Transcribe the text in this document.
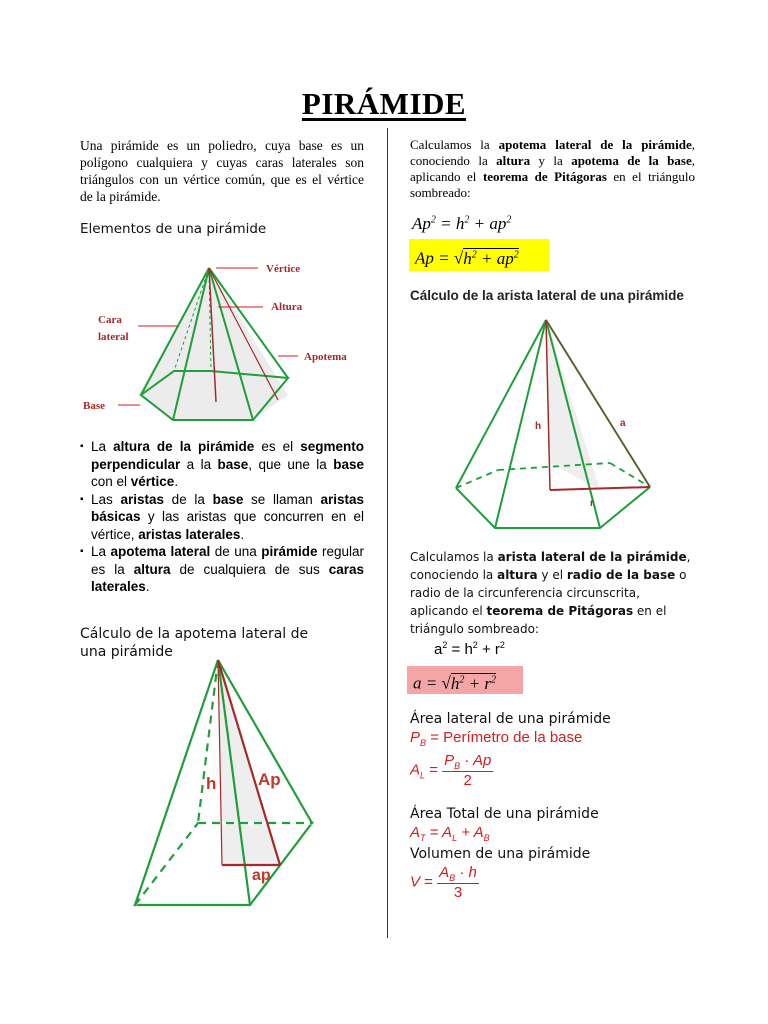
PIRÁMIDE
Una pirámide es un poliedro, cuya base es un polígono cualquiera y cuyas caras laterales son triángulos con un vértice común, que es el vértice de la pirámide.
Elementos de una pirámide
Vértice
Altura
Cara
lateral
Apotema
Base
▪ La altura de la pirámide es el segmento perpendicular a la base, que une la base con el vértice.
▪ Las aristas de la base se llaman aristas básicas y las aristas que concurren en el vértice, aristas laterales.
▪ La apotema lateral de una pirámide regular es la altura de cualquiera de sus caras laterales.
Cálculo de la apotema lateral de
una pirámide
h Ap
ap
Calculamos la apotema lateral de la pirámide, conociendo la altura y la apotema de la base, aplicando el teorema de Pitágoras en el triángulo sombreado:
$Ap^2 = h^2 + ap^2$
$Ap = √h^2 + ap^2$
Cálculo de la arista lateral de una pirámide
h	a
r
Calculamos la arista lateral de la pirámide, conociendo la altura y el radio de la base o radio de la circunferencia circunscrita, aplicando el teorema de Pitágoras en el triángulo sombreado:
$a^2 = h^2 + r^2$
$a = √h^2 + r^2$
Área lateral de una pirámide
$P_B$ = Perímetro de la base
$A_L = \frac{P_B \cdot Ap}{2}$
Área Total de una pirámide
$A_T = A_L + A_B$
Volumen de una pirámide
$V = \frac{A_B \cdot h}{3}$
